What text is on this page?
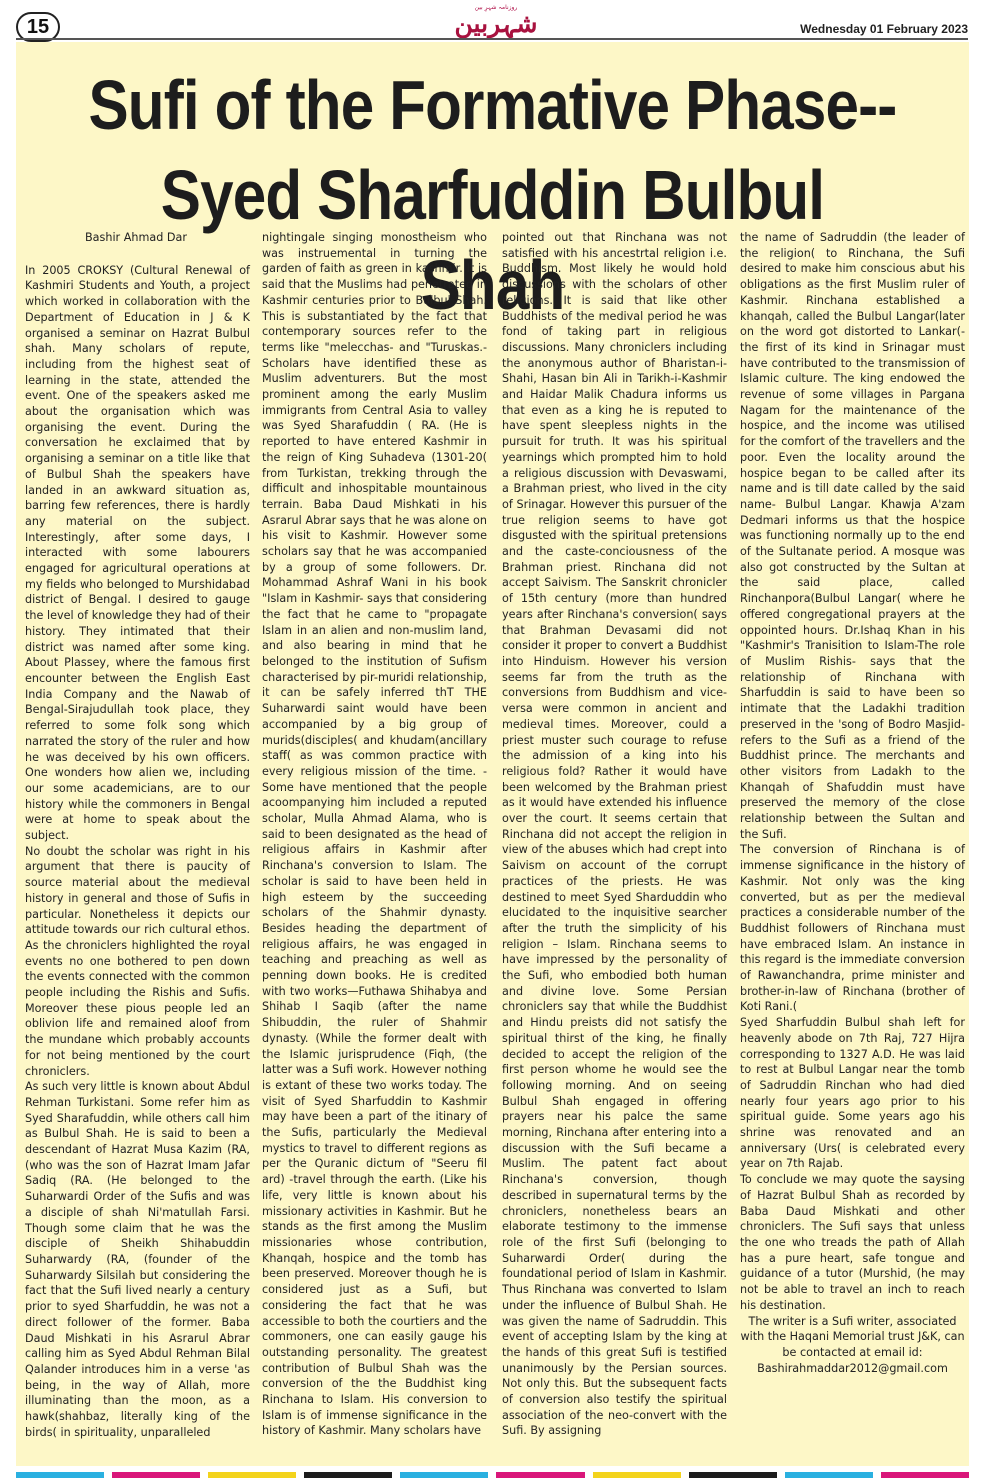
15
روزنامہ شہرِ بین
شہربین	Wednesday 01 February 2023
Sufi of the Formative Phase--Syed Sharfuddin Bulbul Shah

Bashir Ahmad Dar

In 2005 CROKSY (Cultural Renewal of Kashmiri Students and Youth, a project which worked in collaboration with the Department of Education in J & K organised a seminar on Hazrat Bulbul shah. Many scholars of repute, including from the highest seat of learning in the state, attended the event. One of the speakers asked me about the organisation which was organising the event. During the conversation he exclaimed that by organising a seminar on a title like that of Bulbul Shah the speakers have landed in an awkward situation as, barring few references, there is hardly any material on the subject. Interestingly, after some days, I interacted with some labourers engaged for agricultural operations at my fields who belonged to Murshidabad district of Bengal. I desired to gauge the level of knowledge they had of their history. They intimated that their district was named after some king. About Plassey, where the famous first encounter between the English East India Company and the Nawab of Bengal-Sirajudullah took place, they referred to some folk song which narrated the story of the ruler and how he was deceived by his own officers. One wonders how alien we, including our some academicians, are to our history while the commoners in Bengal were at home to speak about the subject.

No doubt the scholar was right in his argument that there is paucity of source material about the medieval history in general and those of Sufis in particular. Nonetheless it depicts our attitude towards our rich cultural ethos. As the chroniclers highlighted the royal events no one bothered to pen down the events connected with the common people including the Rishis and Sufis. Moreover these pious people led an oblivion life and remained aloof from the mundane which probably accounts for not being mentioned by the court chroniclers.

As such very little is known about Abdul Rehman Turkistani. Some refer him as Syed Sharafuddin, while others call him as Bulbul Shah. He is said to been a descendant of Hazrat Musa Kazim (RA, (who was the son of Hazrat Imam Jafar Sadiq (RA. (He belonged to the Suharwardi Order of the Sufis and was a disciple of shah Ni'matullah Farsi. Though some claim that he was the disciple of Sheikh Shihabuddin Suharwardy (RA, (founder of the Suharwardy Silsilah but considering the fact that the Sufi lived nearly a century prior to syed Sharfuddin, he was not a direct follower of the former. Baba Daud Mishkati in his Asrarul Abrar calling him as Syed Abdul Rehman Bilal Qalander introduces him in a verse 'as being, in the way of Allah, more illuminating than the moon, as a hawk(shahbaz, literally king of the birds( in spirituality, unparalleled

nightingale singing monostheism who was instruemental in turning the garden of faith as green in kashmir. It is said that the Muslims had penetrated in Kashmir centuries prior to Bulbul Shah. This is substantiated by the fact that contemporary sources refer to the terms like "melecchas- and "Turuskas.- Scholars have identified these as Muslim adventurers. But the most prominent among the early Muslim immigrants from Central Asia to valley was Syed Sharafuddin ( RA. (He is reported to have entered Kashmir in the reign of King Suhadeva (1301-20( from Turkistan, trekking through the difficult and inhospitable mountainous terrain. Baba Daud Mishkati in his Asrarul Abrar says that he was alone on his visit to Kashmir. However some scholars say that he was accompanied by a group of some followers. Dr. Mohammad Ashraf Wani in his book "Islam in Kashmir- says that considering the fact that he came to "propagate Islam in an alien and non-muslim land, and also bearing in mind that he belonged to the institution of Sufism characterised by pir-muridi relationship, it can be safely inferred thT THE Suharwardi saint would have been accompanied by a big group of murids(disciples( and khudam(ancillary staff( as was common practice with every religious mission of the time. - Some have mentioned that the people acoompanying him included a reputed scholar, Mulla Ahmad Alama, who is said to been designated as the head of religious affairs in Kashmir after Rinchana's conversion to Islam. The scholar is said to have been held in high esteem by the succeeding scholars of the Shahmir dynasty. Besides heading the department of religious affairs, he was engaged in teaching and preaching as well as penning down books. He is credited with two works—Futhawa Shihabya and Shihab I Saqib (after the name Shibuddin, the ruler of Shahmir dynasty. (While the former dealt with the Islamic jurisprudence (Fiqh, (the latter was a Sufi work. However nothing is extant of these two works today. The visit of Syed Sharfuddin to Kashmir may have been a part of the itinary of the Sufis, particularly the Medieval mystics to travel to different regions as per the Quranic dictum of "Seeru fil ard) -travel through the earth. (Like his life, very little is known about his missionary activities in Kashmir. But he stands as the first among the Muslim missionaries whose contribution, Khanqah, hospice and the tomb has been preserved. Moreover though he is considered just as a Sufi, but considering the fact that he was accessible to both the courtiers and the commoners, one can easily gauge his outstanding personality. The greatest contribution of Bulbul Shah was the conversion of the the Buddhist king Rinchana to Islam. His conversion to Islam is of immense significance in the history of Kashmir. Many scholars have

pointed out that Rinchana was not satisfied with his ancestrtal religion i.e. Buddhism. Most likely he would hold discussions with the scholars of other religions. It is said that like other Buddhists of the medival period he was fond of taking part in religious discussions. Many chroniclers including the anonymous author of Bharistan-i-Shahi, Hasan bin Ali in Tarikh-i-Kashmir and Haidar Malik Chadura informs us that even as a king he is reputed to have spent sleepless nights in the pursuit for truth. It was his spiritual yearnings which prompted him to hold a religious discussion with Devaswami, a Brahman priest, who lived in the city of Srinagar. However this pursuer of the true religion seems to have got disgusted with the spiritual pretensions and the caste-conciousness of the Brahman priest. Rinchana did not accept Saivism. The Sanskrit chronicler of 15th century (more than hundred years after Rinchana's conversion( says that Brahman Devasami did not consider it proper to convert a Buddhist into Hinduism. However his version seems far from the truth as the conversions from Buddhism and vice-versa were common in ancient and medieval times. Moreover, could a priest muster such courage to refuse the admission of a king into his religious fold? Rather it would have been welcomed by the Brahman priest as it would have extended his influence over the court. It seems certain that Rinchana did not accept the religion in view of the abuses which had crept into Saivism on account of the corrupt practices of the priests. He was destined to meet Syed Sharduddin who elucidated to the inquisitive searcher after the truth the simplicity of his religion – Islam. Rinchana seems to have impressed by the personality of the Sufi, who embodied both human and divine love. Some Persian chroniclers say that while the Buddhist and Hindu preists did not satisfy the spiritual thirst of the king, he finally decided to accept the religion of the first person whome he would see the following morning. And on seeing Bulbul Shah engaged in offering prayers near his palce the same morning, Rinchana after entering into a discussion with the Sufi became a Muslim. The patent fact about Rinchana's conversion, though described in supernatural terms by the chroniclers, nonetheless bears an elaborate testimony to the immense role of the first Sufi (belonging to Suharwardi Order( during the foundational period of Islam in Kashmir. Thus Rinchana was converted to Islam under the influence of Bulbul Shah. He was given the name of Sadruddin. This event of accepting Islam by the king at the hands of this great Sufi is testified unanimously by the Persian sources. Not only this. But the subsequent facts of conversion also testify the spiritual association of the neo-convert with the Sufi. By assigning

the name of Sadruddin (the leader of the religion( to Rinchana, the Sufi desired to make him conscious abut his obligations as the first Muslim ruler of Kashmir. Rinchana established a khanqah, called the Bulbul Langar(later on the word got distorted to Lankar(-the first of its kind in Srinagar must have contributed to the transmission of Islamic culture. The king endowed the revenue of some villages in Pargana Nagam for the maintenance of the hospice, and the income was utilised for the comfort of the travellers and the poor. Even the locality around the hospice began to be called after its name and is till date called by the said name- Bulbul Langar. Khawja A'zam Dedmari informs us that the hospice was functioning normally up to the end of the Sultanate period. A mosque was also got constructed by the Sultan at the said place, called Rinchanpora(Bulbul Langar( where he offered congregational prayers at the oppointed hours. Dr.Ishaq Khan in his "Kashmir's Tranisition to Islam-The role of Muslim Rishis- says that the relationship of Rinchana with Sharfuddin is said to have been so intimate that the Ladakhi tradition preserved in the 'song of Bodro Masjid- refers to the Sufi as a friend of the Buddhist prince. The merchants and other visitors from Ladakh to the Khanqah of Shafuddin must have preserved the memory of the close relationship between the Sultan and the Sufi.

The conversion of Rinchana is of immense significance in the history of Kashmir. Not only was the king converted, but as per the medieval practices a considerable number of the Buddhist followers of Rinchana must have embraced Islam. An instance in this regard is the immediate conversion of Rawanchandra, prime minister and brother-in-law of Rinchana (brother of Koti Rani.(

Syed Sharfuddin Bulbul shah left for heavenly abode on 7th Raj, 727 Hijra corresponding to 1327 A.D. He was laid to rest at Bulbul Langar near the tomb of Sadruddin Rinchan who had died nearly four years ago prior to his spiritual guide. Some years ago his shrine was renovated and an anniversary (Urs( is celebrated every year on 7th Rajab.

To conclude we may quote the saysing of Hazrat Bulbul Shah as recorded by Baba Daud Mishkati and other chroniclers. The Sufi says that unless the one who treads the path of Allah has a pure heart, safe tongue and guidance of a tutor (Murshid, (he may not be able to travel an inch to reach his destination.

The writer is a Sufi writer, associated with the Haqani Memorial trust J&K, can be contacted at email id:

Bashirahmaddar2012@gmail.com
